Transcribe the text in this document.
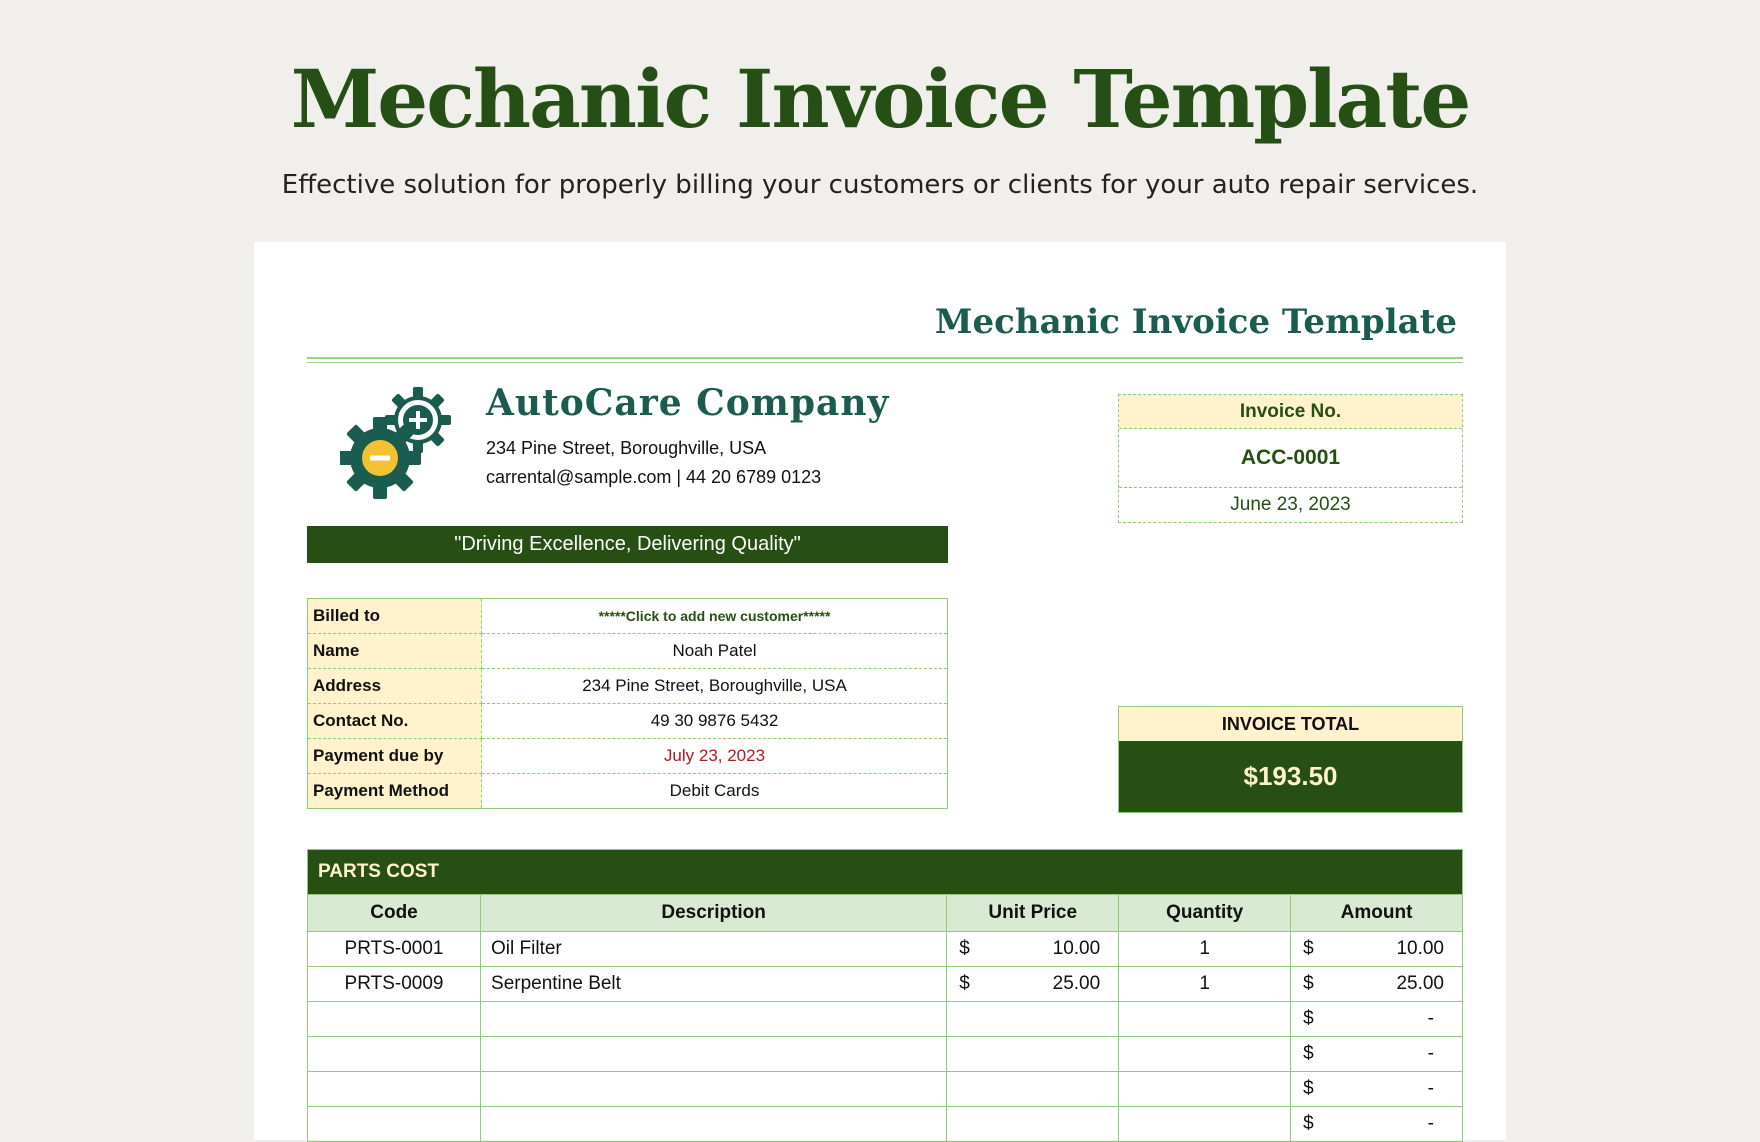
Mechanic Invoice Template

Effective solution for properly billing your customers or clients for your auto repair services.

Mechanic Invoice Template
AutoCare Company
234 Pine Street, Boroughville, USA
carrental@sample.com | 44 20 6789 0123
"Driving Excellence, Delivering Quality"
Invoice No.
ACC-0001
June 23, 2023
Billed to	*****Click to add new customer*****
Name	Noah Patel
Address	234 Pine Street, Boroughville, USA
Contact No.	49 30 9876 5432
Payment due by	July 23, 2023
Payment Method	Debit Cards
INVOICE TOTAL
$193.50
PARTS COST				
Code	Description	Unit Price	Quantity	Amount
PRTS-0001	Oil Filter	$ 10.00	1	$ 10.00

PRTS-0009	Serpentine Belt	$ 25.00	1	$ 25.00

				$ -

				$ -

				$ -

				$ -
